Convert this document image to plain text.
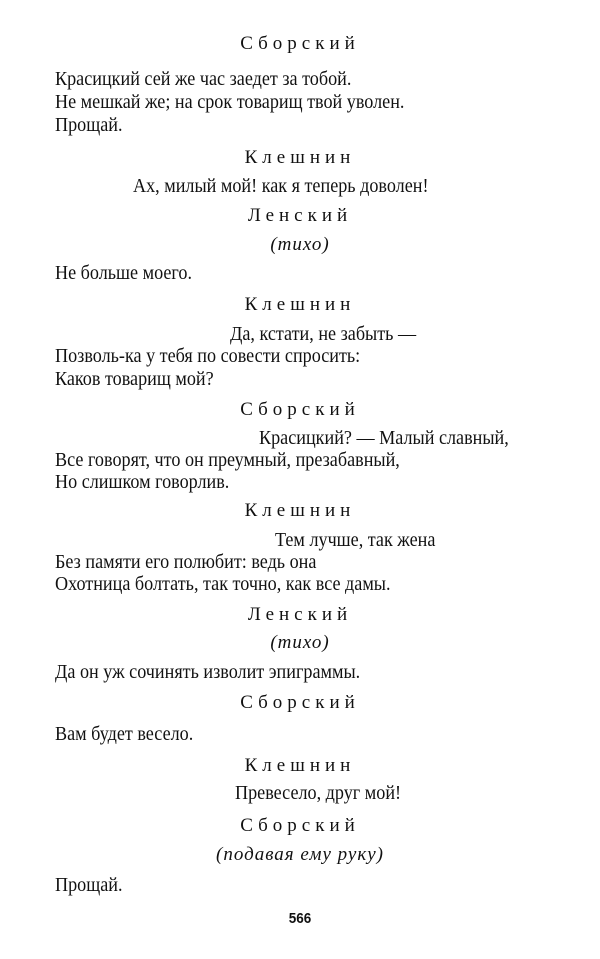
Сборский
Красицкий сей же час заедет за тобой.
Не мешкай же; на срок товарищ твой уволен.
Прощай.
Клешнин
Ах, милый мой! как я теперь доволен!
Ленский
(тихо)
Не больше моего.
Клешнин
Да, кстати, не забыть —
Позволь-ка у тебя по совести спросить:
Каков товарищ мой?
Сборский
Красицкий? — Малый славный,
Все говорят, что он преумный, презабавный,
Но слишком говорлив.
Клешнин
Тем лучше, так жена
Без памяти его полюбит: ведь она
Охотница болтать, так точно, как все дамы.
Ленский
(тихо)
Да он уж сочинять изволит эпиграммы.
Сборский
Вам будет весело.
Клешнин
Превесело, друг мой!
Сборский
(подавая ему руку)
Прощай.
566
